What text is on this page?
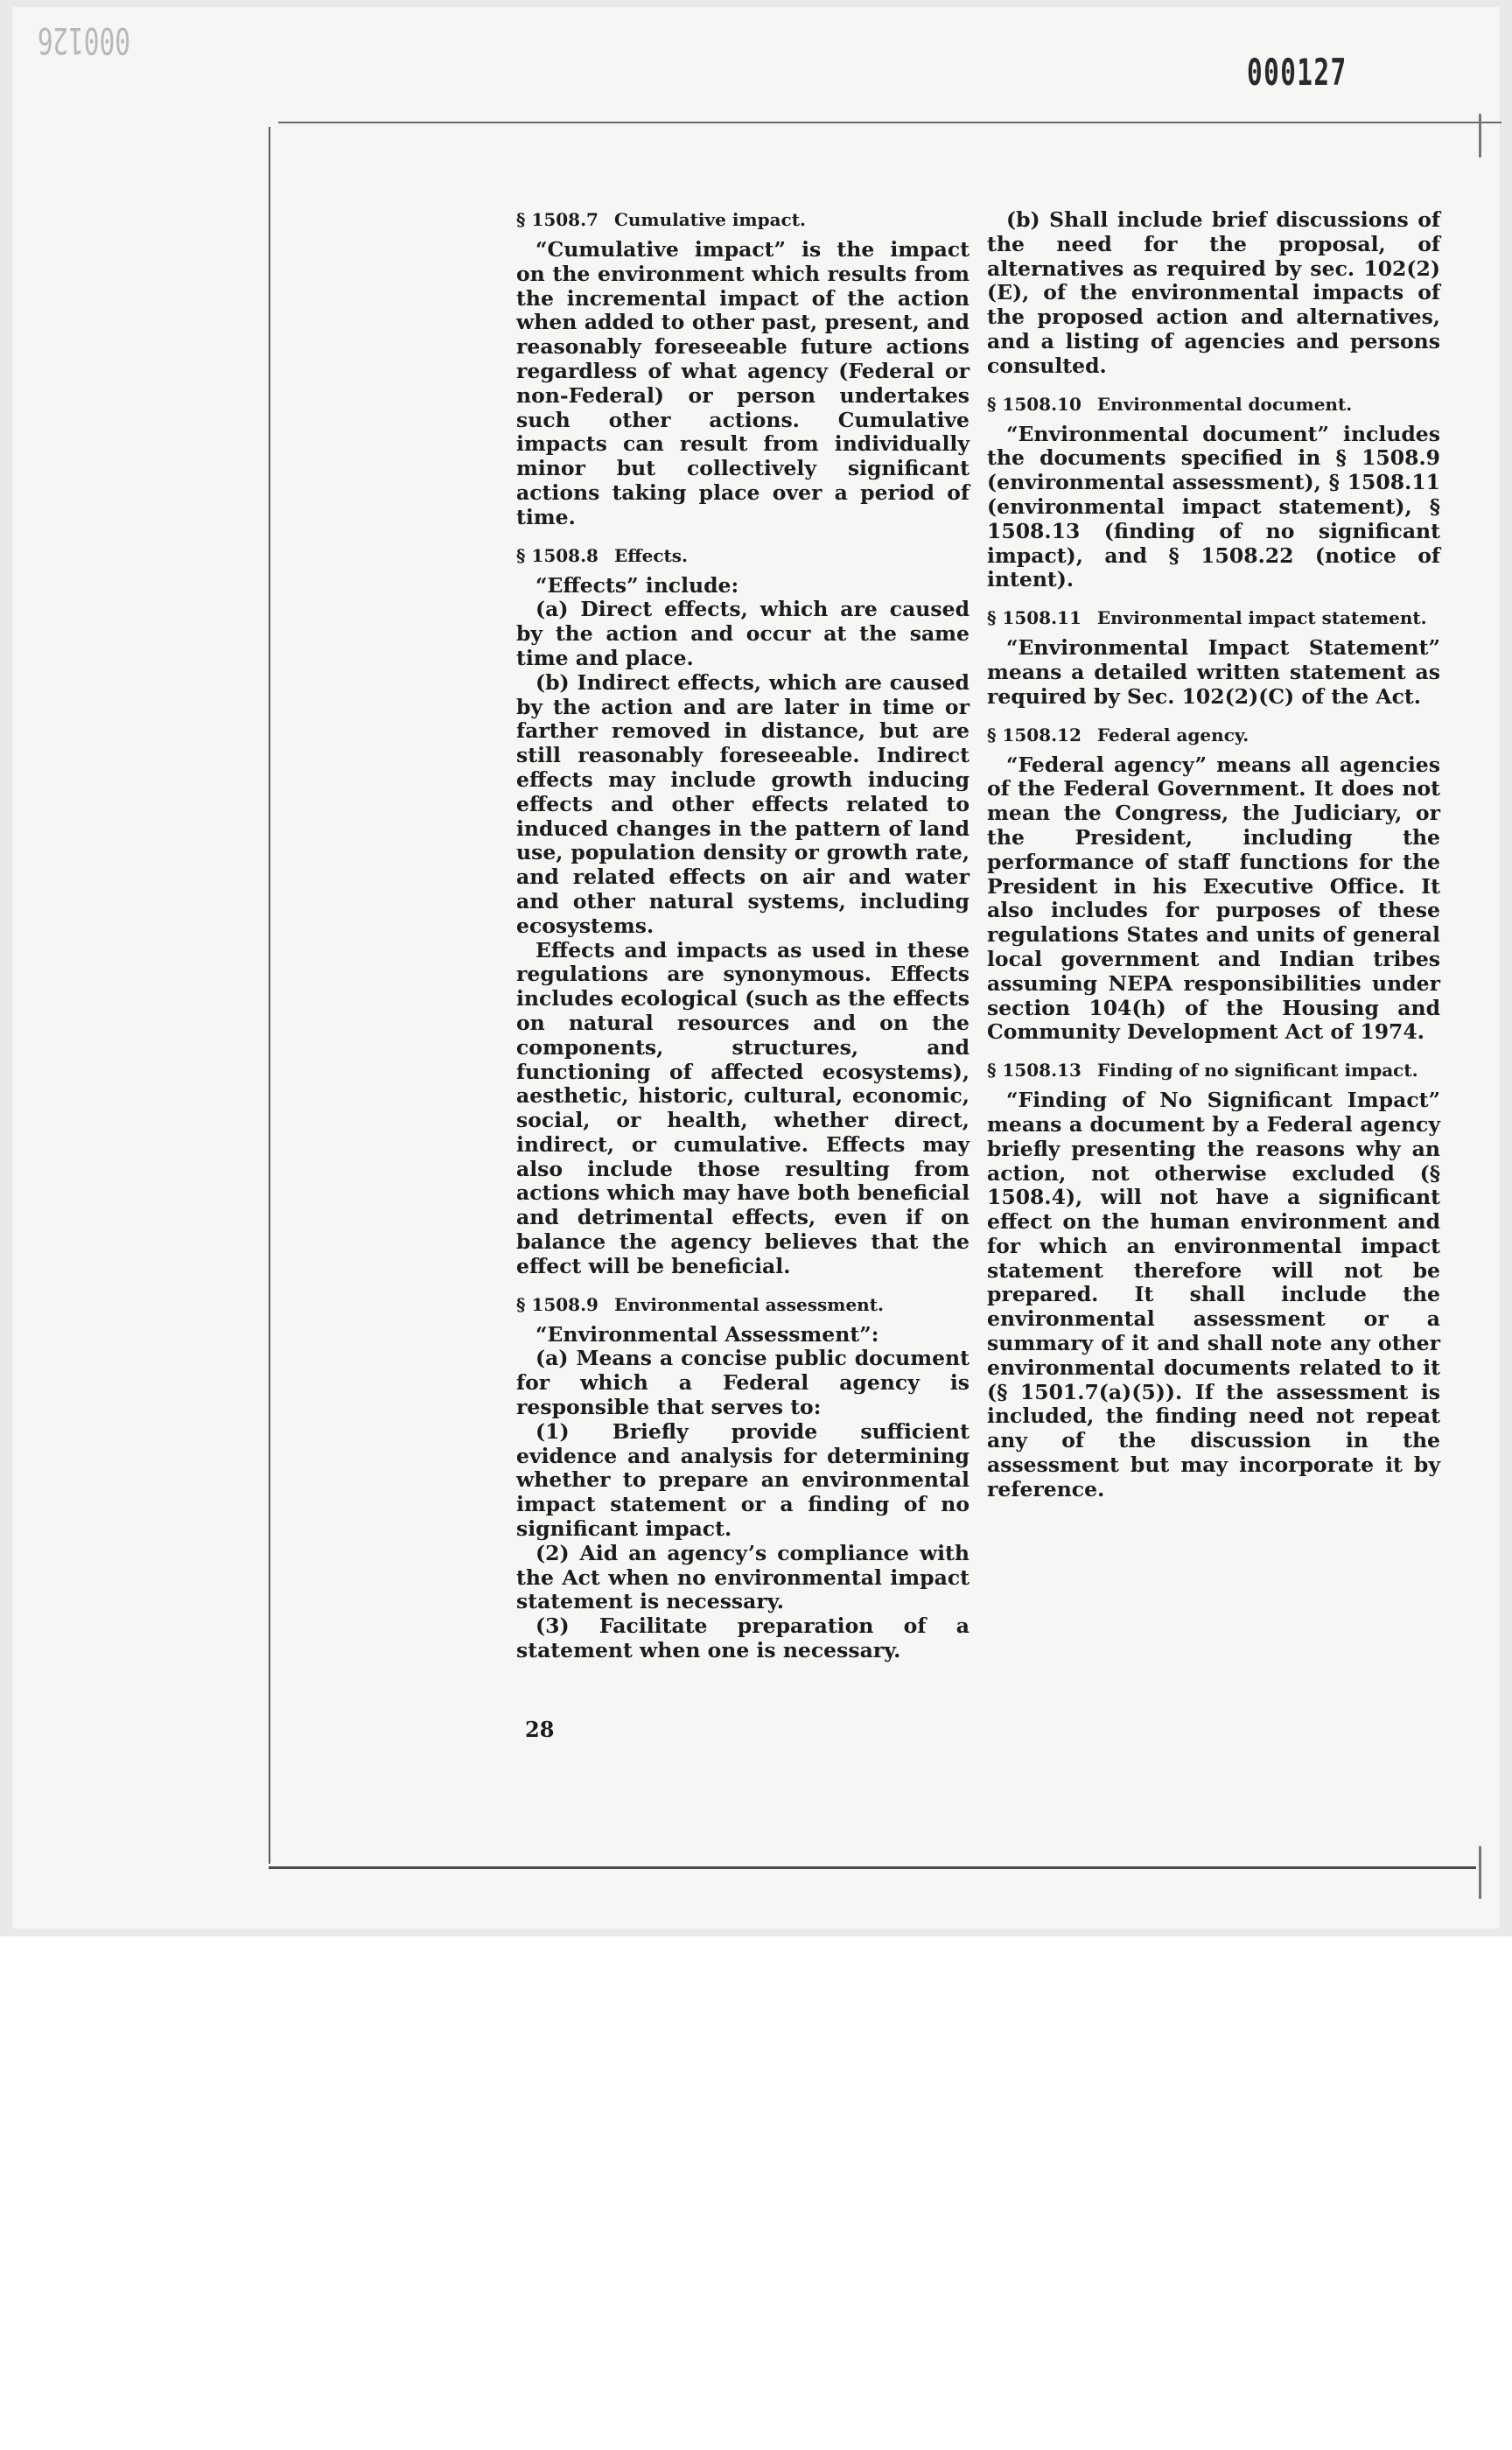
000126
000127
§ 1508.7 Cumulative impact.

“Cumulative impact” is the impact on the environment which results from the incremental impact of the action when added to other past, present, and reasonably foreseeable future actions regardless of what agency (Federal or non-Federal) or person undertakes such other actions. Cumulative impacts can result from individually minor but collectively significant actions taking place over a period of time.

§ 1508.8 Effects.

“Effects” include:

(a) Direct effects, which are caused by the action and occur at the same time and place.

(b) Indirect effects, which are caused by the action and are later in time or farther removed in distance, but are still reasonably foreseeable. Indirect effects may include growth inducing effects and other effects related to induced changes in the pattern of land use, population density or growth rate, and related effects on air and water and other natural systems, including ecosystems.

Effects and impacts as used in these regulations are synonymous. Effects includes ecological (such as the effects on natural resources and on the components, structures, and functioning of affected ecosystems), aesthetic, historic, cultural, economic, social, or health, whether direct, indirect, or cumulative. Effects may also include those resulting from actions which may have both beneficial and detrimental effects, even if on balance the agency believes that the effect will be beneficial.

§ 1508.9 Environmental assessment.

“Environmental Assessment”:

(a) Means a concise public document for which a Federal agency is responsible that serves to:

(1) Briefly provide sufficient evidence and analysis for determining whether to prepare an environmental impact statement or a finding of no significant impact.

(2) Aid an agency’s compliance with the Act when no environmental impact statement is necessary.

(3) Facilitate preparation of a statement when one is necessary.

(b) Shall include brief discussions of the need for the proposal, of alternatives as required by sec. 102(2)(E), of the environmental impacts of the proposed action and alternatives, and a listing of agencies and persons consulted.

§ 1508.10 Environmental document.

“Environmental document” includes the documents specified in § 1508.9 (environmental assessment), § 1508.11 (environmental impact statement), § 1508.13 (finding of no significant impact), and § 1508.22 (notice of intent).

§ 1508.11 Environmental impact statement.

“Environmental Impact Statement” means a detailed written statement as required by Sec. 102(2)(C) of the Act.

§ 1508.12 Federal agency.

“Federal agency” means all agencies of the Federal Government. It does not mean the Congress, the Judiciary, or the President, including the performance of staff functions for the President in his Executive Office. It also includes for purposes of these regulations States and units of general local government and Indian tribes assuming NEPA responsibilities under section 104(h) of the Housing and Community Development Act of 1974.

§ 1508.13 Finding of no significant impact.

“Finding of No Significant Impact” means a document by a Federal agency briefly presenting the reasons why an action, not otherwise excluded (§ 1508.4), will not have a significant effect on the human environment and for which an environmental impact statement therefore will not be prepared. It shall include the environmental assessment or a summary of it and shall note any other environmental documents related to it (§ 1501.7(a)(5)). If the assessment is included, the finding need not repeat any of the discussion in the assessment but may incorporate it by reference.

28
